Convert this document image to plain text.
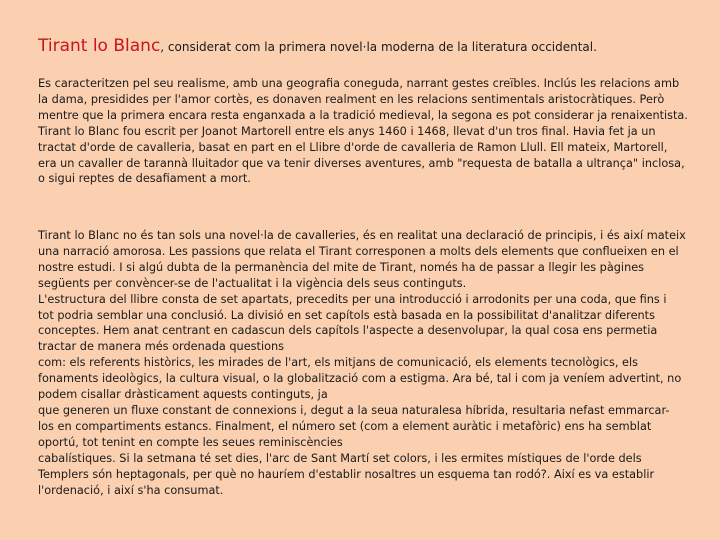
Tirant lo Blanc, considerat com la primera novel·la moderna de la literatura occidental.
Es caracteritzen pel seu realisme, amb una geografia coneguda, narrant gestes creïbles. Inclús les relacions amb
la dama, presidides per l'amor cortès, es donaven realment en les relacions sentimentals aristocràtiques. Però
mentre que la primera encara resta enganxada a la tradició medieval, la segona es pot considerar ja renaixentista.
Tirant lo Blanc fou escrit per Joanot Martorell entre els anys 1460 i 1468, llevat d'un tros final. Havia fet ja un
tractat d'orde de cavalleria, basat en part en el Llibre d'orde de cavalleria de Ramon Llull. Ell mateix, Martorell,
era un cavaller de tarannà lluitador que va tenir diverses aventures, amb "requesta de batalla a ultrança" inclosa,
o sigui reptes de desafiament a mort.
Tirant lo Blanc no és tan sols una novel·la de cavalleries, és en realitat una declaració de principis, i és així mateix
una narració amorosa. Les passions que relata el Tirant corresponen a molts dels elements que conflueixen en el
nostre estudi. I si algú dubta de la permanència del mite de Tirant, només ha de passar a llegir les pàgines
següents per convèncer-se de l'actualitat i la vigència dels seus continguts.
L'estructura del llibre consta de set apartats, precedits per una introducció i arrodonits per una coda, que fins i
tot podria semblar una conclusió. La divisió en set capítols està basada en la possibilitat d'analitzar diferents
conceptes. Hem anat centrant en cadascun dels capítols l'aspecte a desenvolupar, la qual cosa ens permetia
tractar de manera més ordenada questions
com: els referents històrics, les mirades de l'art, els mitjans de comunicació, els elements tecnològics, els
fonaments ideològics, la cultura visual, o la globalització com a estigma. Ara bé, tal i com ja veníem advertint, no
podem cisallar dràsticament aquests continguts, ja
que generen un fluxe constant de connexions i, degut a la seua naturalesa híbrida, resultaria nefast emmarcar-
los en compartiments estancs. Finalment, el número set (com a element auràtic i metafòric) ens ha semblat
oportú, tot tenint en compte les seues reminiscències
cabalístiques. Si la setmana té set dies, l'arc de Sant Martí set colors, i les ermites místiques de l'orde dels
Templers són heptagonals, per què no hauríem d'establir nosaltres un esquema tan rodó?. Així es va establir
l'ordenació, i així s'ha consumat.
